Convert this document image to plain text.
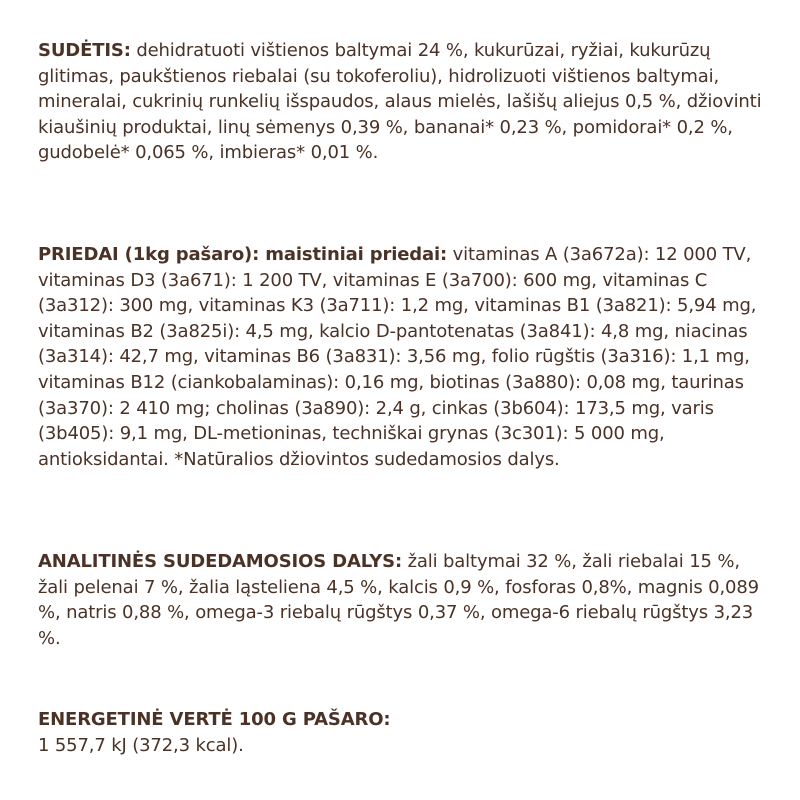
SUDĖTIS: dehidratuoti vištienos baltymai 24 %, kukurūzai, ryžiai, kukurūzų glitimas, paukštienos riebalai (su tokoferoliu), hidrolizuoti vištienos baltymai, mineralai, cukrinių runkelių išspaudos, alaus mielės, lašišų aliejus 0,5 %, džiovinti kiaušinių produktai, linų sėmenys 0,39 %, bananai* 0,23 %, pomidorai* 0,2 %, gudobelė* 0,065 %, imbieras* 0,01 %.

PRIEDAI (1kg pašaro): maistiniai priedai: vitaminas A (3a672a): 12 000 TV, vitaminas D3 (3a671): 1 200 TV, vitaminas E (3a700): 600 mg, vitaminas C (3a312): 300 mg, vitaminas K3 (3a711): 1,2 mg, vitaminas B1 (3a821): 5,94 mg, vitaminas B2 (3a825i): 4,5 mg, kalcio D-pantotenatas (3a841): 4,8 mg, niacinas (3a314): 42,7 mg, vitaminas B6 (3a831): 3,56 mg, folio rūgštis (3a316): 1,1 mg, vitaminas B12 (ciankobalaminas): 0,16 mg, biotinas (3a880): 0,08 mg, taurinas (3a370): 2 410 mg; cholinas (3a890): 2,4 g, cinkas (3b604): 173,5 mg, varis (3b405): 9,1 mg, DL-metioninas, techniškai grynas (3c301): 5 000 mg, antioksidantai. *Natūralios džiovintos sudedamosios dalys.

ANALITINĖS SUDEDAMOSIOS DALYS: žali baltymai 32 %, žali riebalai 15 %, žali pelenai 7 %, žalia ląsteliena 4,5 %, kalcis 0,9 %, fosforas 0,8%, magnis 0,089 %, natris 0,88 %, omega-3 riebalų rūgštys 0,37 %, omega-6 riebalų rūgštys 3,23 %.

ENERGETINĖ VERTĖ 100 G PAŠARO:
1 557,7 kJ (372,3 kcal).
